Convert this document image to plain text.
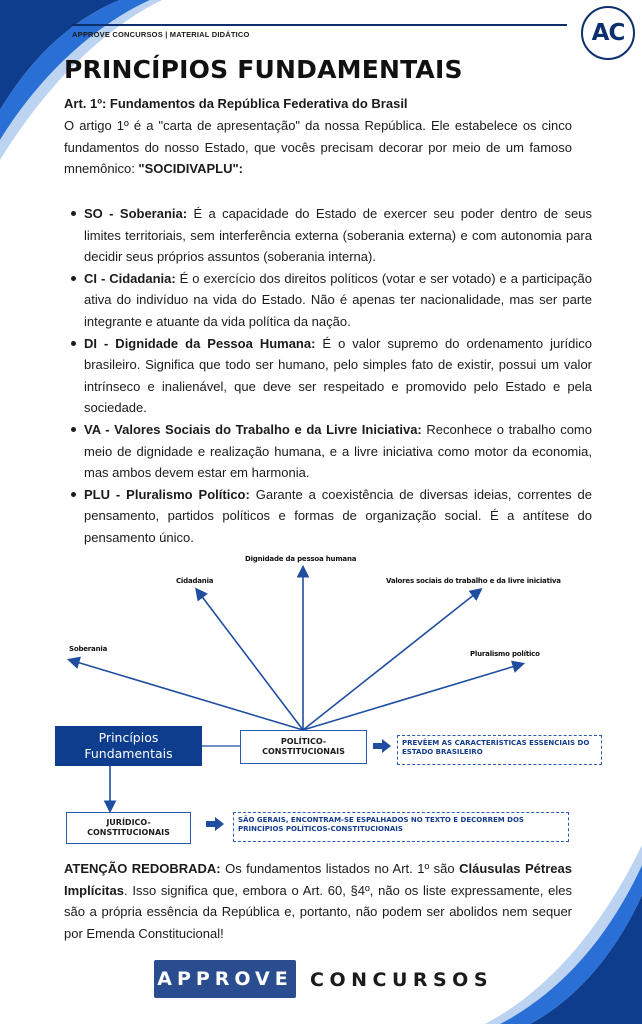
APPROVE CONCURSOS | MATERIAL DIDÁTICO	AC
PRINCÍPIOS FUNDAMENTAIS
Art. 1º: Fundamentos da República Federativa do Brasil
O artigo 1º é a "carta de apresentação" da nossa República. Ele estabelece os cinco fundamentos do nosso Estado, que vocês precisam decorar por meio de um famoso mnemônico: "SOCIDIVAPLU":
SO - Soberania: É a capacidade do Estado de exercer seu poder dentro de seus limites territoriais, sem interferência externa (soberania externa) e com autonomia para decidir seus próprios assuntos (soberania interna).
CI - Cidadania: É o exercício dos direitos políticos (votar e ser votado) e a participação ativa do indivíduo na vida do Estado. Não é apenas ter nacionalidade, mas ser parte integrante e atuante da vida política da nação.
DI - Dignidade da Pessoa Humana: É o valor supremo do ordenamento jurídico brasileiro. Significa que todo ser humano, pelo simples fato de existir, possui um valor intrínseco e inalienável, que deve ser respeitado e promovido pelo Estado e pela sociedade.
VA - Valores Sociais do Trabalho e da Livre Iniciativa: Reconhece o trabalho como meio de dignidade e realização humana, e a livre iniciativa como motor da economia, mas ambos devem estar em harmonia.
PLU - Pluralismo Político: Garante a coexistência de diversas ideias, correntes de pensamento, partidos políticos e formas de organização social. É a antítese do pensamento único.
Soberania
Cidadania
Dignidade da pessoa humana
Valores sociais do trabalho e da livre iniciativa
Pluralismo político
Princípios
Fundamentais
POLÍTICO-
CONSTITUCIONAIS
PREVÊEM AS CARACTERÍSTICAS ESSENCIAIS DO ESTADO BRASILEIRO
JURÍDICO-
CONSTITUCIONAIS
SÃO GERAIS, ENCONTRAM-SE ESPALHADOS NO TEXTO E DECORREM DOS PRINCÍPIOS POLÍTICOS-CONSTITUCIONAIS
ATENÇÃO REDOBRADA: Os fundamentos listados no Art. 1º são Cláusulas Pétreas Implícitas. Isso significa que, embora o Art. 60, §4º, não os liste expressamente, eles são a própria essência da República e, portanto, não podem ser abolidos nem sequer por Emenda Constitucional!
APPROVE CONCURSOS
